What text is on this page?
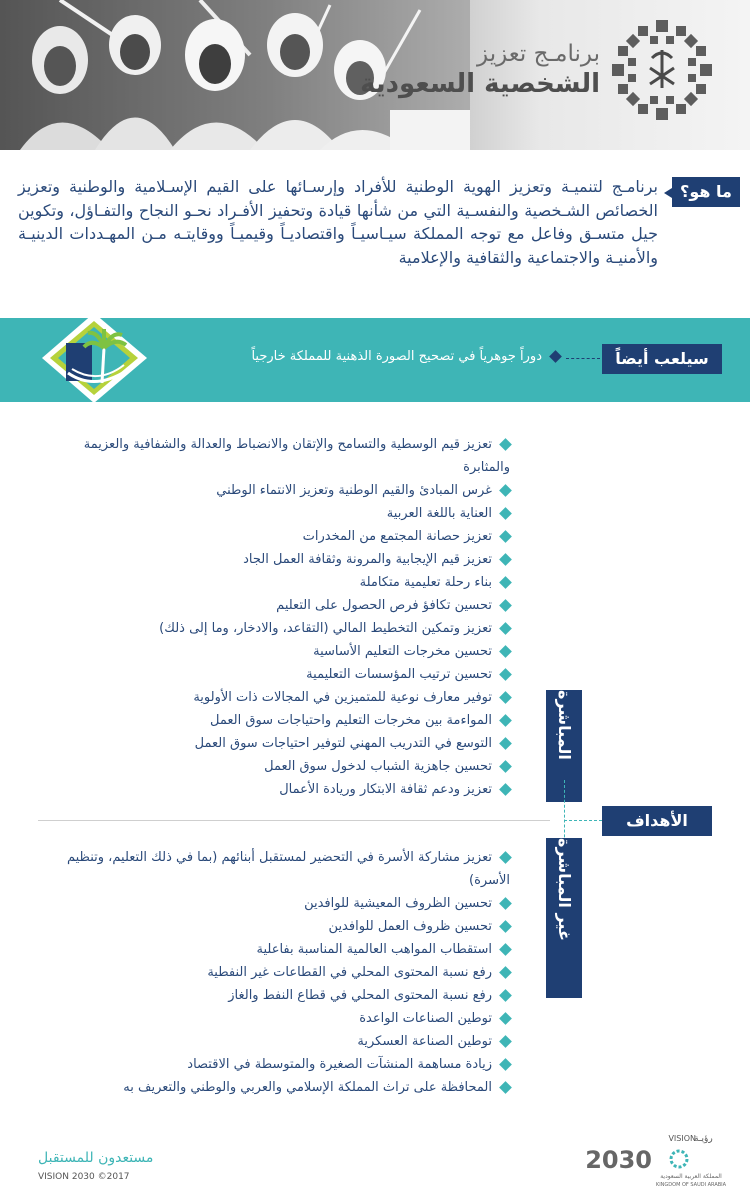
برنامـج تعزيز
الشخصية السعودية
ما هو؟
برنامـج لتنميـة وتعزيز الهوية الوطنية للأفراد وإرسـائها على القيم الإسـلامية والوطنية وتعزيز الخصائص الشـخصية والنفسـية التي من شأنها قيادة وتحفيز الأفـراد نحـو النجاح والتفـاؤل، وتكوين جيل متسـق وفاعل مع توجه المملكة سيـاسيـاً واقتصاديـاً وقيميـاً ووقايتـه مـن المهـددات الدينيـة والأمنيـة والاجتماعية والثقافية والإعلامية
سيلعب أيضاً
دوراً جوهرياً في تصحيح الصورة الذهنية للمملكة خارجياً
تعزيز قيم الوسطية والتسامح والإتقان والانضباط والعدالة والشفافية والعزيمة والمثابرة
غرس المبادئ والقيم الوطنية وتعزيز الانتماء الوطني
العناية باللغة العربية
تعزيز حصانة المجتمع من المخدرات
تعزيز قيم الإيجابية والمرونة وثقافة العمل الجاد
بناء رحلة تعليمية متكاملة
تحسين تكافؤ فرص الحصول على التعليم
تعزيز وتمكين التخطيط المالي (التقاعد، والادخار، وما إلى ذلك)
تحسين مخرجات التعليم الأساسية
تحسين ترتيب المؤسسات التعليمية
توفير معارف نوعية للمتميزين في المجالات ذات الأولوية
المواءمة بين مخرجات التعليم واحتياجات سوق العمل
التوسع في التدريب المهني لتوفير احتياجات سوق العمل
تحسين جاهزية الشباب لدخول سوق العمل
تعزيز ودعم ثقافة الابتكار وريادة الأعمال
المباشرة
الأهداف
غير المباشرة
تعزيز مشاركة الأسرة في التحضير لمستقبل أبنائهم (بما في ذلك التعليم، وتنظيم الأسرة)
تحسين الظروف المعيشية للوافدين
تحسين ظروف العمل للوافدين
استقطاب المواهب العالمية المناسبة بفاعلية
رفع نسبة المحتوى المحلي في القطاعات غير النفطية
رفع نسبة المحتوى المحلي في قطاع النفط والغاز
توطين الصناعات الواعدة
توطين الصناعة العسكرية
زيادة مساهمة المنشآت الصغيرة والمتوسطة في الاقتصاد
المحافظة على تراث المملكة الإسلامي والعربي والوطني والتعريف به
مستعدون للمستقبل
VISION 2030 ©2017
رؤيـة
VISION
2030
المملكة العربية السعودية
KINGDOM OF SAUDI ARABIA
